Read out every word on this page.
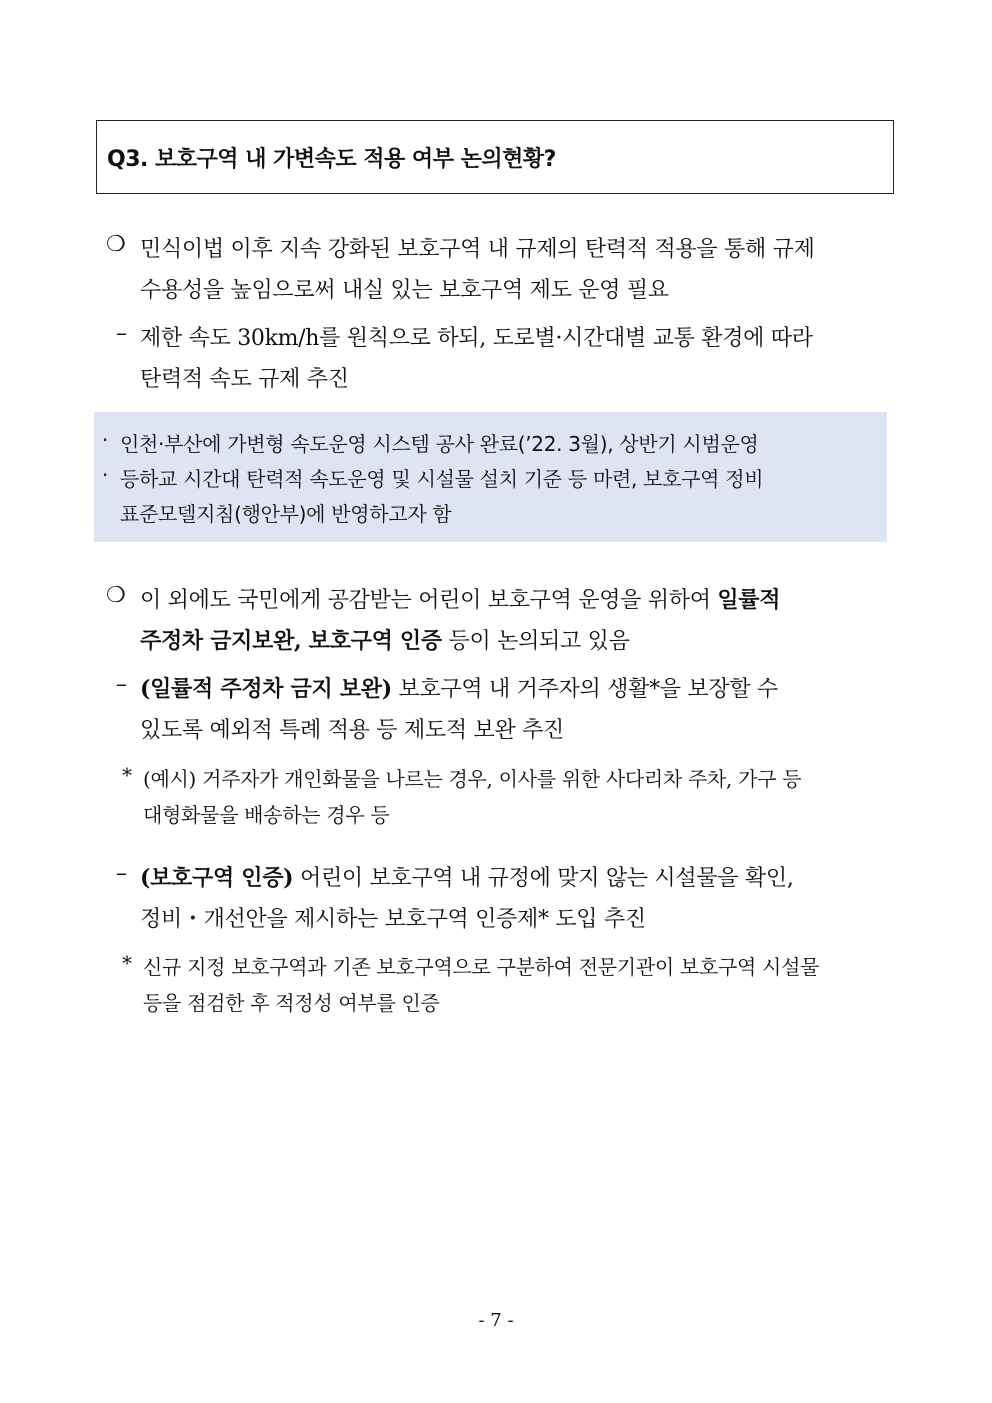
Q3. 보호구역 내 가변속도 적용 여부 논의현황?
❍ 민식이법 이후 지속 강화된 보호구역 내 규제의 탄력적 적용을 통해 규제
수용성을 높임으로써 내실 있는 보호구역 제도 운영 필요
– 제한 속도 30km/h를 원칙으로 하되, 도로별·시간대별 교통 환경에 따라
탄력적 속도 규제 추진
· 인천·부산에 가변형 속도운영 시스템 공사 완료(’22. 3월), 상반기 시범운영
· 등하교 시간대 탄력적 속도운영 및 시설물 설치 기준 등 마련, 보호구역 정비
표준모델지침(행안부)에 반영하고자 함
❍ 이 외에도 국민에게 공감받는 어린이 보호구역 운영을 위하여 일률적
주정차 금지보완, 보호구역 인증 등이 논의되고 있음
– (일률적 주정차 금지 보완) 보호구역 내 거주자의 생활*을 보장할 수
있도록 예외적 특례 적용 등 제도적 보완 추진
* (예시) 거주자가 개인화물을 나르는 경우, 이사를 위한 사다리차 주차, 가구 등
대형화물을 배송하는 경우 등
– (보호구역 인증) 어린이 보호구역 내 규정에 맞지 않는 시설물을 확인,
정비・개선안을 제시하는 보호구역 인증제* 도입 추진
* 신규 지정 보호구역과 기존 보호구역으로 구분하여 전문기관이 보호구역 시설물
등을 점검한 후 적정성 여부를 인증
- 7 -
